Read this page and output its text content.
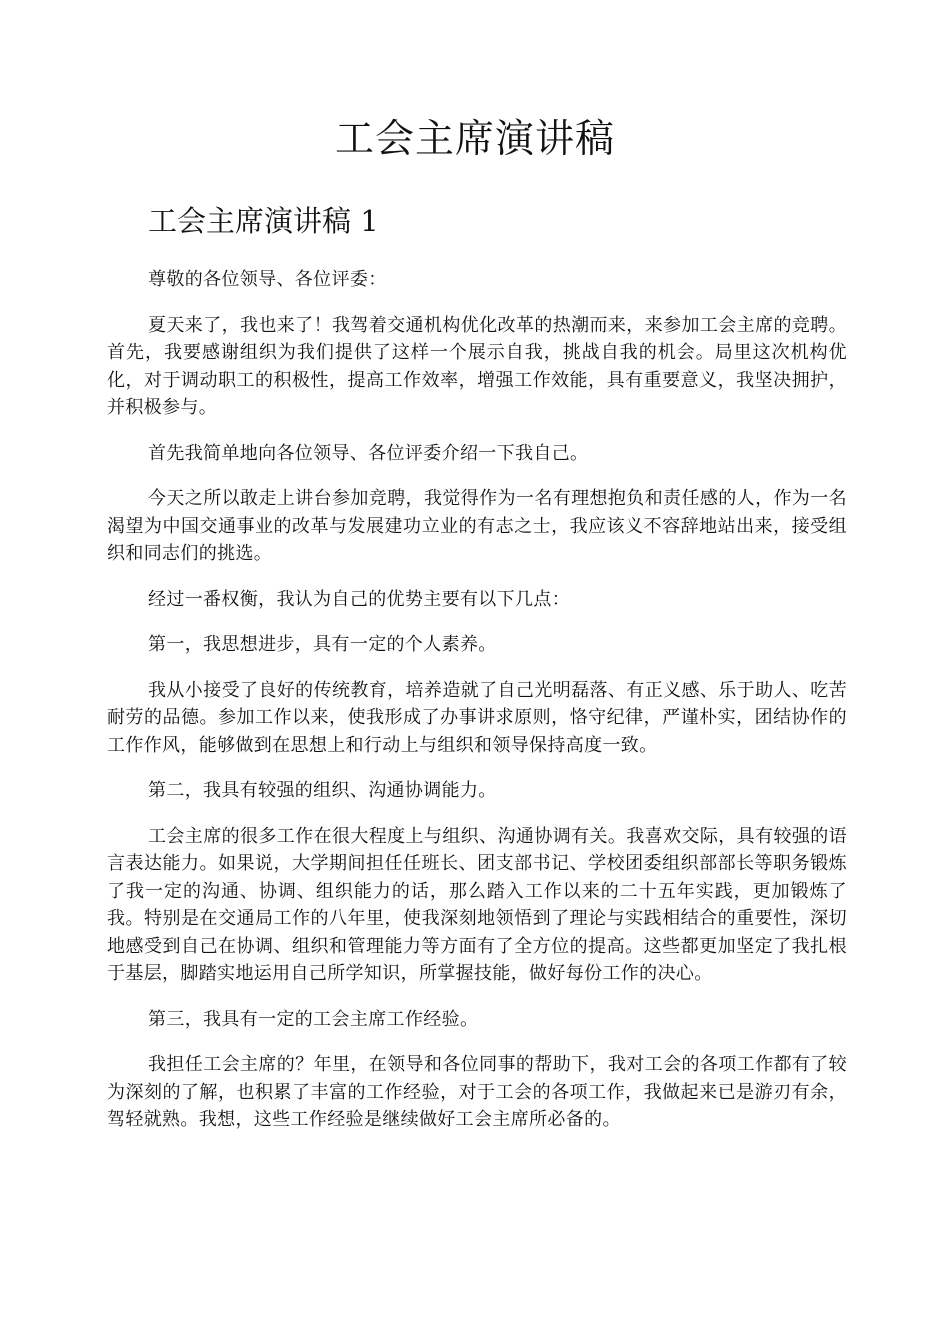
工会主席演讲稿
工会主席演讲稿 1

尊敬的各位领导、各位评委：

夏天来了，我也来了！我驾着交通机构优化改革的热潮而来，来参加工会主席的竞聘。首先，我要感谢组织为我们提供了这样一个展示自我，挑战自我的机会。局里这次机构优化，对于调动职工的积极性，提高工作效率，增强工作效能，具有重要意义，我坚决拥护，并积极参与。

首先我简单地向各位领导、各位评委介绍一下我自己。

今天之所以敢走上讲台参加竞聘，我觉得作为一名有理想抱负和责任感的人，作为一名渴望为中国交通事业的改革与发展建功立业的有志之士，我应该义不容辞地站出来，接受组织和同志们的挑选。

经过一番权衡，我认为自己的优势主要有以下几点：

第一，我思想进步，具有一定的个人素养。

我从小接受了良好的传统教育，培养造就了自己光明磊落、有正义感、乐于助人、吃苦耐劳的品德。参加工作以来，使我形成了办事讲求原则，恪守纪律，严谨朴实，团结协作的工作作风，能够做到在思想上和行动上与组织和领导保持高度一致。

第二，我具有较强的组织、沟通协调能力。

工会主席的很多工作在很大程度上与组织、沟通协调有关。我喜欢交际，具有较强的语言表达能力。如果说，大学期间担任任班长、团支部书记、学校团委组织部部长等职务锻炼了我一定的沟通、协调、组织能力的话，那么踏入工作以来的二十五年实践，更加锻炼了我。特别是在交通局工作的八年里，使我深刻地领悟到了理论与实践相结合的重要性，深切地感受到自己在协调、组织和管理能力等方面有了全方位的提高。这些都更加坚定了我扎根于基层，脚踏实地运用自己所学知识，所掌握技能，做好每份工作的决心。

第三，我具有一定的工会主席工作经验。

我担任工会主席的？年里，在领导和各位同事的帮助下，我对工会的各项工作都有了较为深刻的了解，也积累了丰富的工作经验，对于工会的各项工作，我做起来已是游刃有余，驾轻就熟。我想，这些工作经验是继续做好工会主席所必备的。
